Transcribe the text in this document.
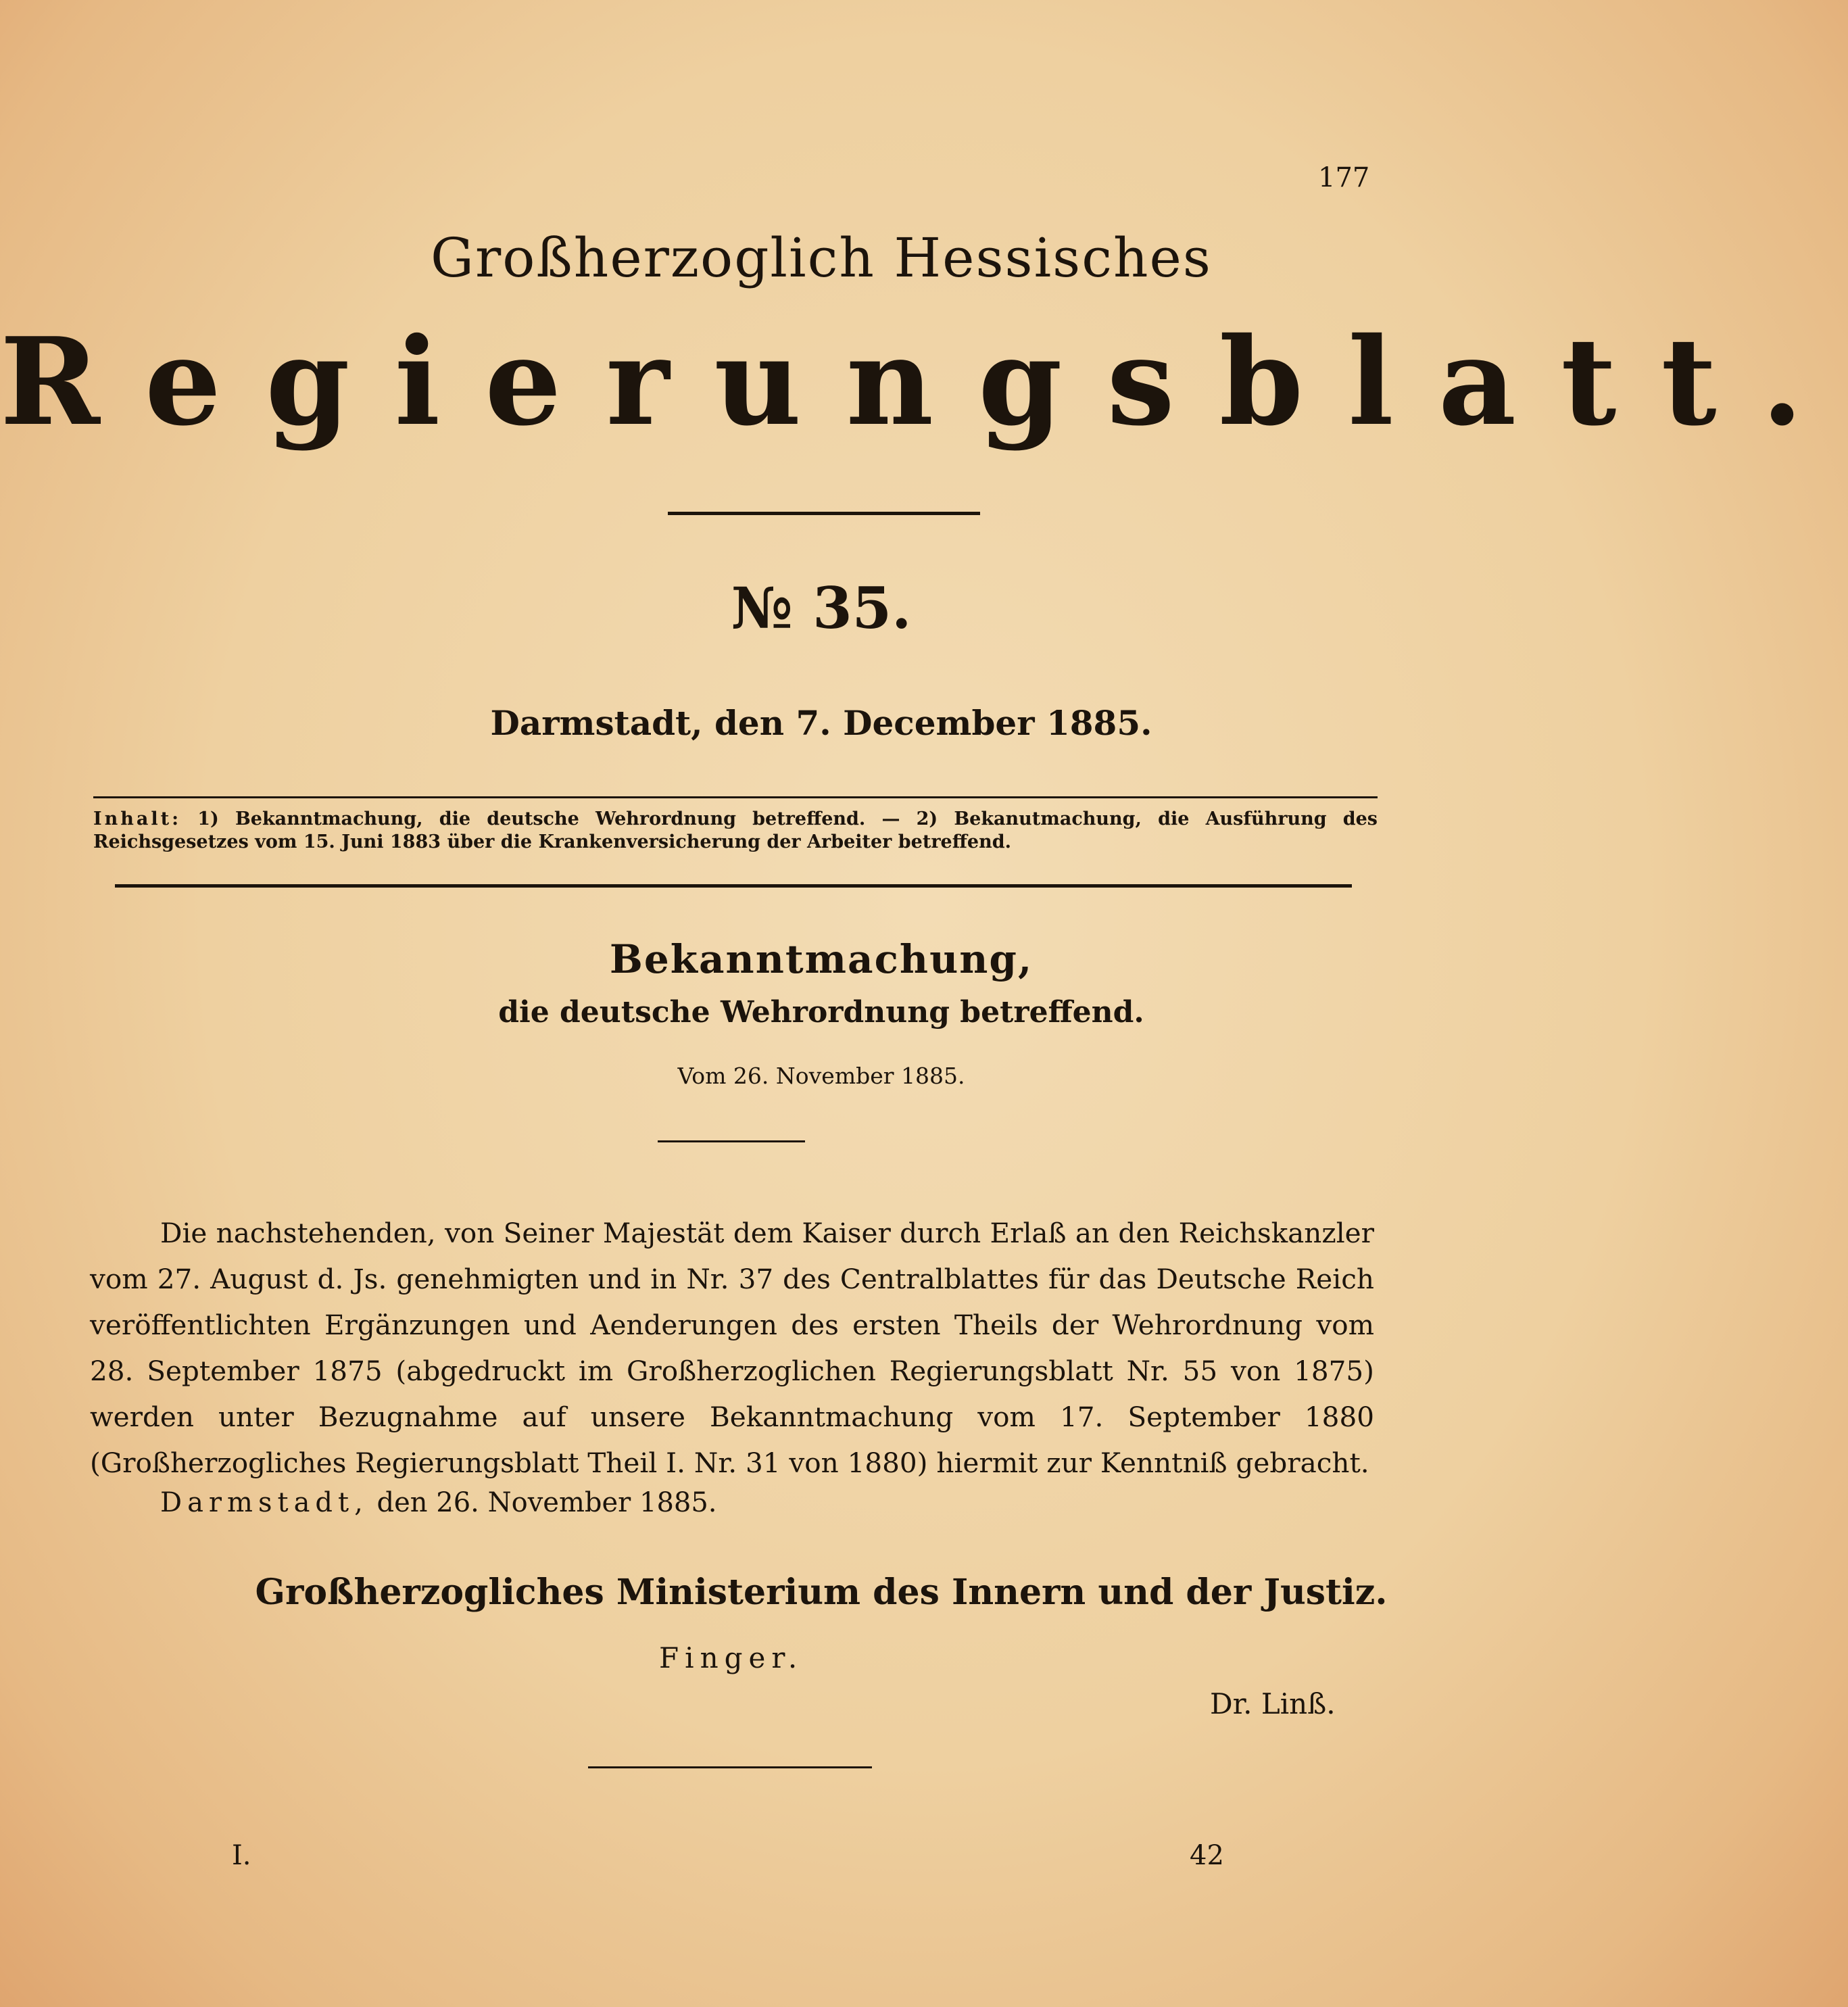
177
Großherzoglich Hessisches
Regierungsblatt.
№ 35.
Darmstadt, den 7. December 1885.
Inhalt: 1) Bekanntmachung, die deutsche Wehrordnung betreffend. — 2) Bekanutmachung, die Ausführung des Reichsgesetzes vom 15. Juni 1883 über die Krankenversicherung der Arbeiter betreffend.
Bekanntmachung,
die deutsche Wehrordnung betreffend.
Vom 26. November 1885.

Die nachstehenden, von Seiner Majestät dem Kaiser durch Erlaß an den Reichskanzler vom 27. August d. Js. genehmigten und in Nr. 37 des Centralblattes für das Deutsche Reich veröffentlichten Ergänzungen und Aenderungen des ersten Theils der Wehrordnung vom 28. September 1875 (abgedruckt im Großherzoglichen Regierungsblatt Nr. 55 von 1875) werden unter Bezugnahme auf unsere Bekanntmachung vom 17. September 1880 (Großherzogliches Regierungsblatt Theil I. Nr. 31 von 1880) hiermit zur Kenntniß gebracht.

Darmstadt, den 26. November 1885.
Großherzogliches Ministerium des Innern und der Justiz.
Finger.
Dr. Linß.
I.	42
